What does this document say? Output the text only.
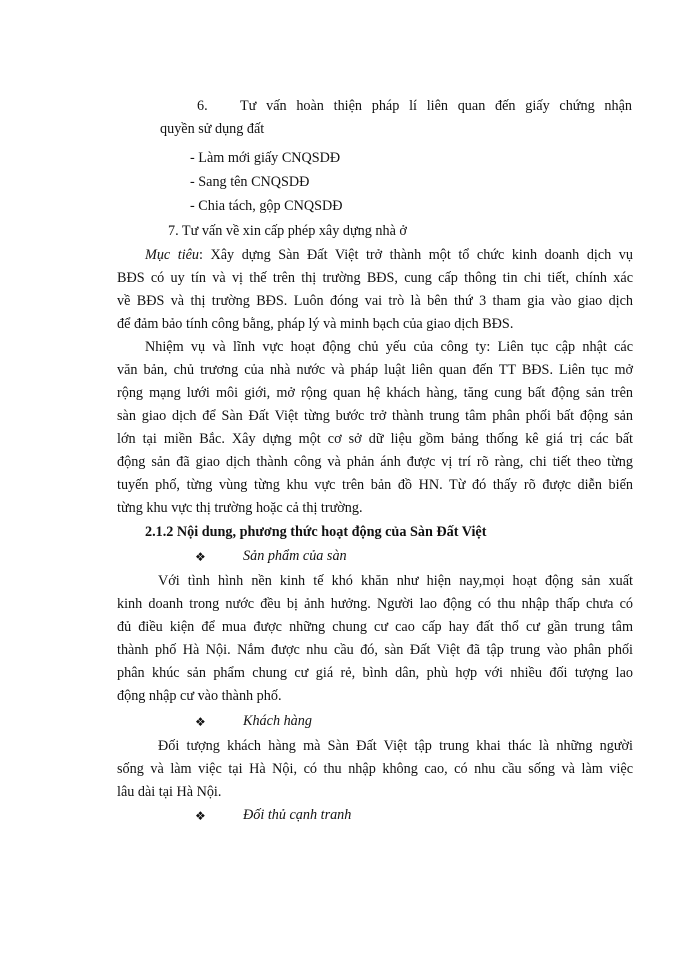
6. Tư vấn hoàn thiện pháp lí liên quan đến giấy chứng nhận
quyền sử dụng đất
- Làm mới giấy CNQSDĐ
- Sang tên CNQSDĐ
- Chia tách, gộp CNQSDĐ
7. Tư vấn về xin cấp phép xây dựng nhà ở
Mục tiêu: Xây dựng Sàn Đất Việt trở thành một tổ chức kinh doanh dịch vụ
BĐS có uy tín và vị thế trên thị trường BĐS, cung cấp thông tin chi tiết, chính xác
về BĐS và thị trường BĐS. Luôn đóng vai trò là bên thứ 3 tham gia vào giao dịch
để đảm bảo tính công bằng, pháp lý và minh bạch của giao dịch BĐS.
Nhiệm vụ và lĩnh vực hoạt động chủ yếu của công ty: Liên tục cập nhật các
văn bản, chủ trương của nhà nước và pháp luật liên quan đến TT BĐS. Liên tục mở
rộng mạng lưới môi giới, mở rộng quan hệ khách hàng, tăng cung bất động sản trên
sàn giao dịch để Sàn Đất Việt từng bước trở thành trung tâm phân phối bất động sản
lớn tại miền Bắc. Xây dựng một cơ sở dữ liệu gồm bảng thống kê giá trị các bất
động sản đã giao dịch thành công và phản ánh được vị trí rõ ràng, chi tiết theo từng
tuyến phố, từng vùng từng khu vực trên bản đồ HN. Từ đó thấy rõ được diễn biến
từng khu vực thị trường hoặc cả thị trường.
2.1.2 Nội dung, phương thức hoạt động của Sàn Đất Việt
❖	Sản phẩm của sàn
Với tình hình nền kinh tế khó khăn như hiện nay,mọi hoạt động sản xuất
kinh doanh trong nước đều bị ảnh hưởng. Người lao động có thu nhập thấp chưa có
đủ điều kiện để mua được những chung cư cao cấp hay đất thổ cư gần trung tâm
thành phố Hà Nội. Nắm được nhu cầu đó, sàn Đất Việt đã tập trung vào phân phối
phân khúc sản phẩm chung cư giá rẻ, bình dân, phù hợp với nhiều đối tượng lao
động nhập cư vào thành phố.
❖	Khách hàng
Đối tượng khách hàng mà Sàn Đất Việt tập trung khai thác là những người
sống và làm việc tại Hà Nội, có thu nhập không cao, có nhu cầu sống và làm việc
lâu dài tại Hà Nội.
❖	Đối thủ cạnh tranh
